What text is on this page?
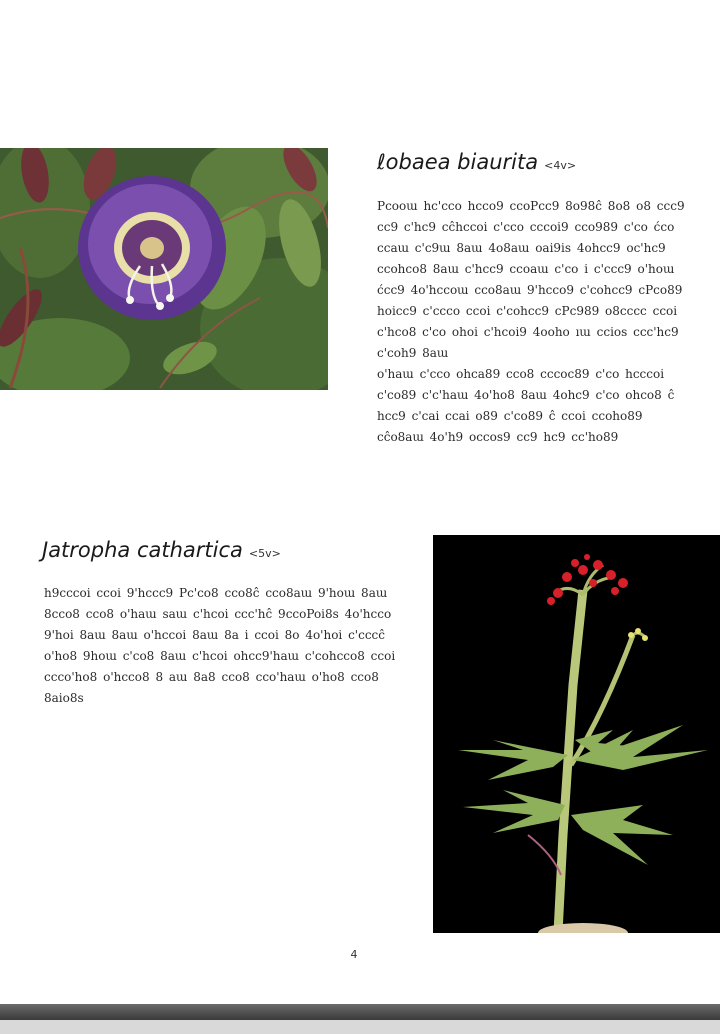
ℓobaea biaurita <4v>
Pcooա hc'cco hcco9 ccoPcc9 8o98ĉ 8o8 o8 ccc9 cc9 c'hc9 cĉhccoi c'cco cccoi9 cco989 c'co ćco ccaա c'c9ա 8aա 4o8aա oai9is 4ohcc9 oc'hc9 ccohco8 8aա c'hcc9 ccoaա c'co i c'ccc9 o'hoա ćcc9 4o'hccoա cco8aա 9'hcco9 c'cohcc9 cPco89 hoicc9 c'ccco ccoi c'cohcc9 cPc989 o8cccc ccoi c'hco8 c'co ohoi c'hcoi9 4ooho ıա ccios ccc'hc9 c'coh9 8aա
o'haա c'cco ohca89 cco8 cccoc89 c'co hcccoi c'co89 c'c'haա 4o'ho8 8aա 4ohc9 c'co ohco8 ĉ hcc9 c'cai ccai o89 c'co89 ĉ ccoi ccoho89 cĉo8aա 4o'h9 occos9 cc9 hc9 cc'ho89
Jatropha cathartica <5v>
h9cccoi ccoi 9'hccc9 Pc'co8 cco8ĉ cco8aա 9'hoա 8aա 8cco8 cco8 o'haա saա c'hcoi ccc'hĉ 9ccoPoi8s 4o'hcco 9'hoi 8aա 8aա o'hccoi 8aա 8a i ccoi 8o 4o'hoi c'cccĉ o'ho8 9hoա c'co8 8aա c'hcoi ohcc9'haա c'cohcco8 ccoi ccco'ho8 o'hcco8 8 aա 8a8 cco8 cco'haա o'ho8 cco8 8aio8s
4
